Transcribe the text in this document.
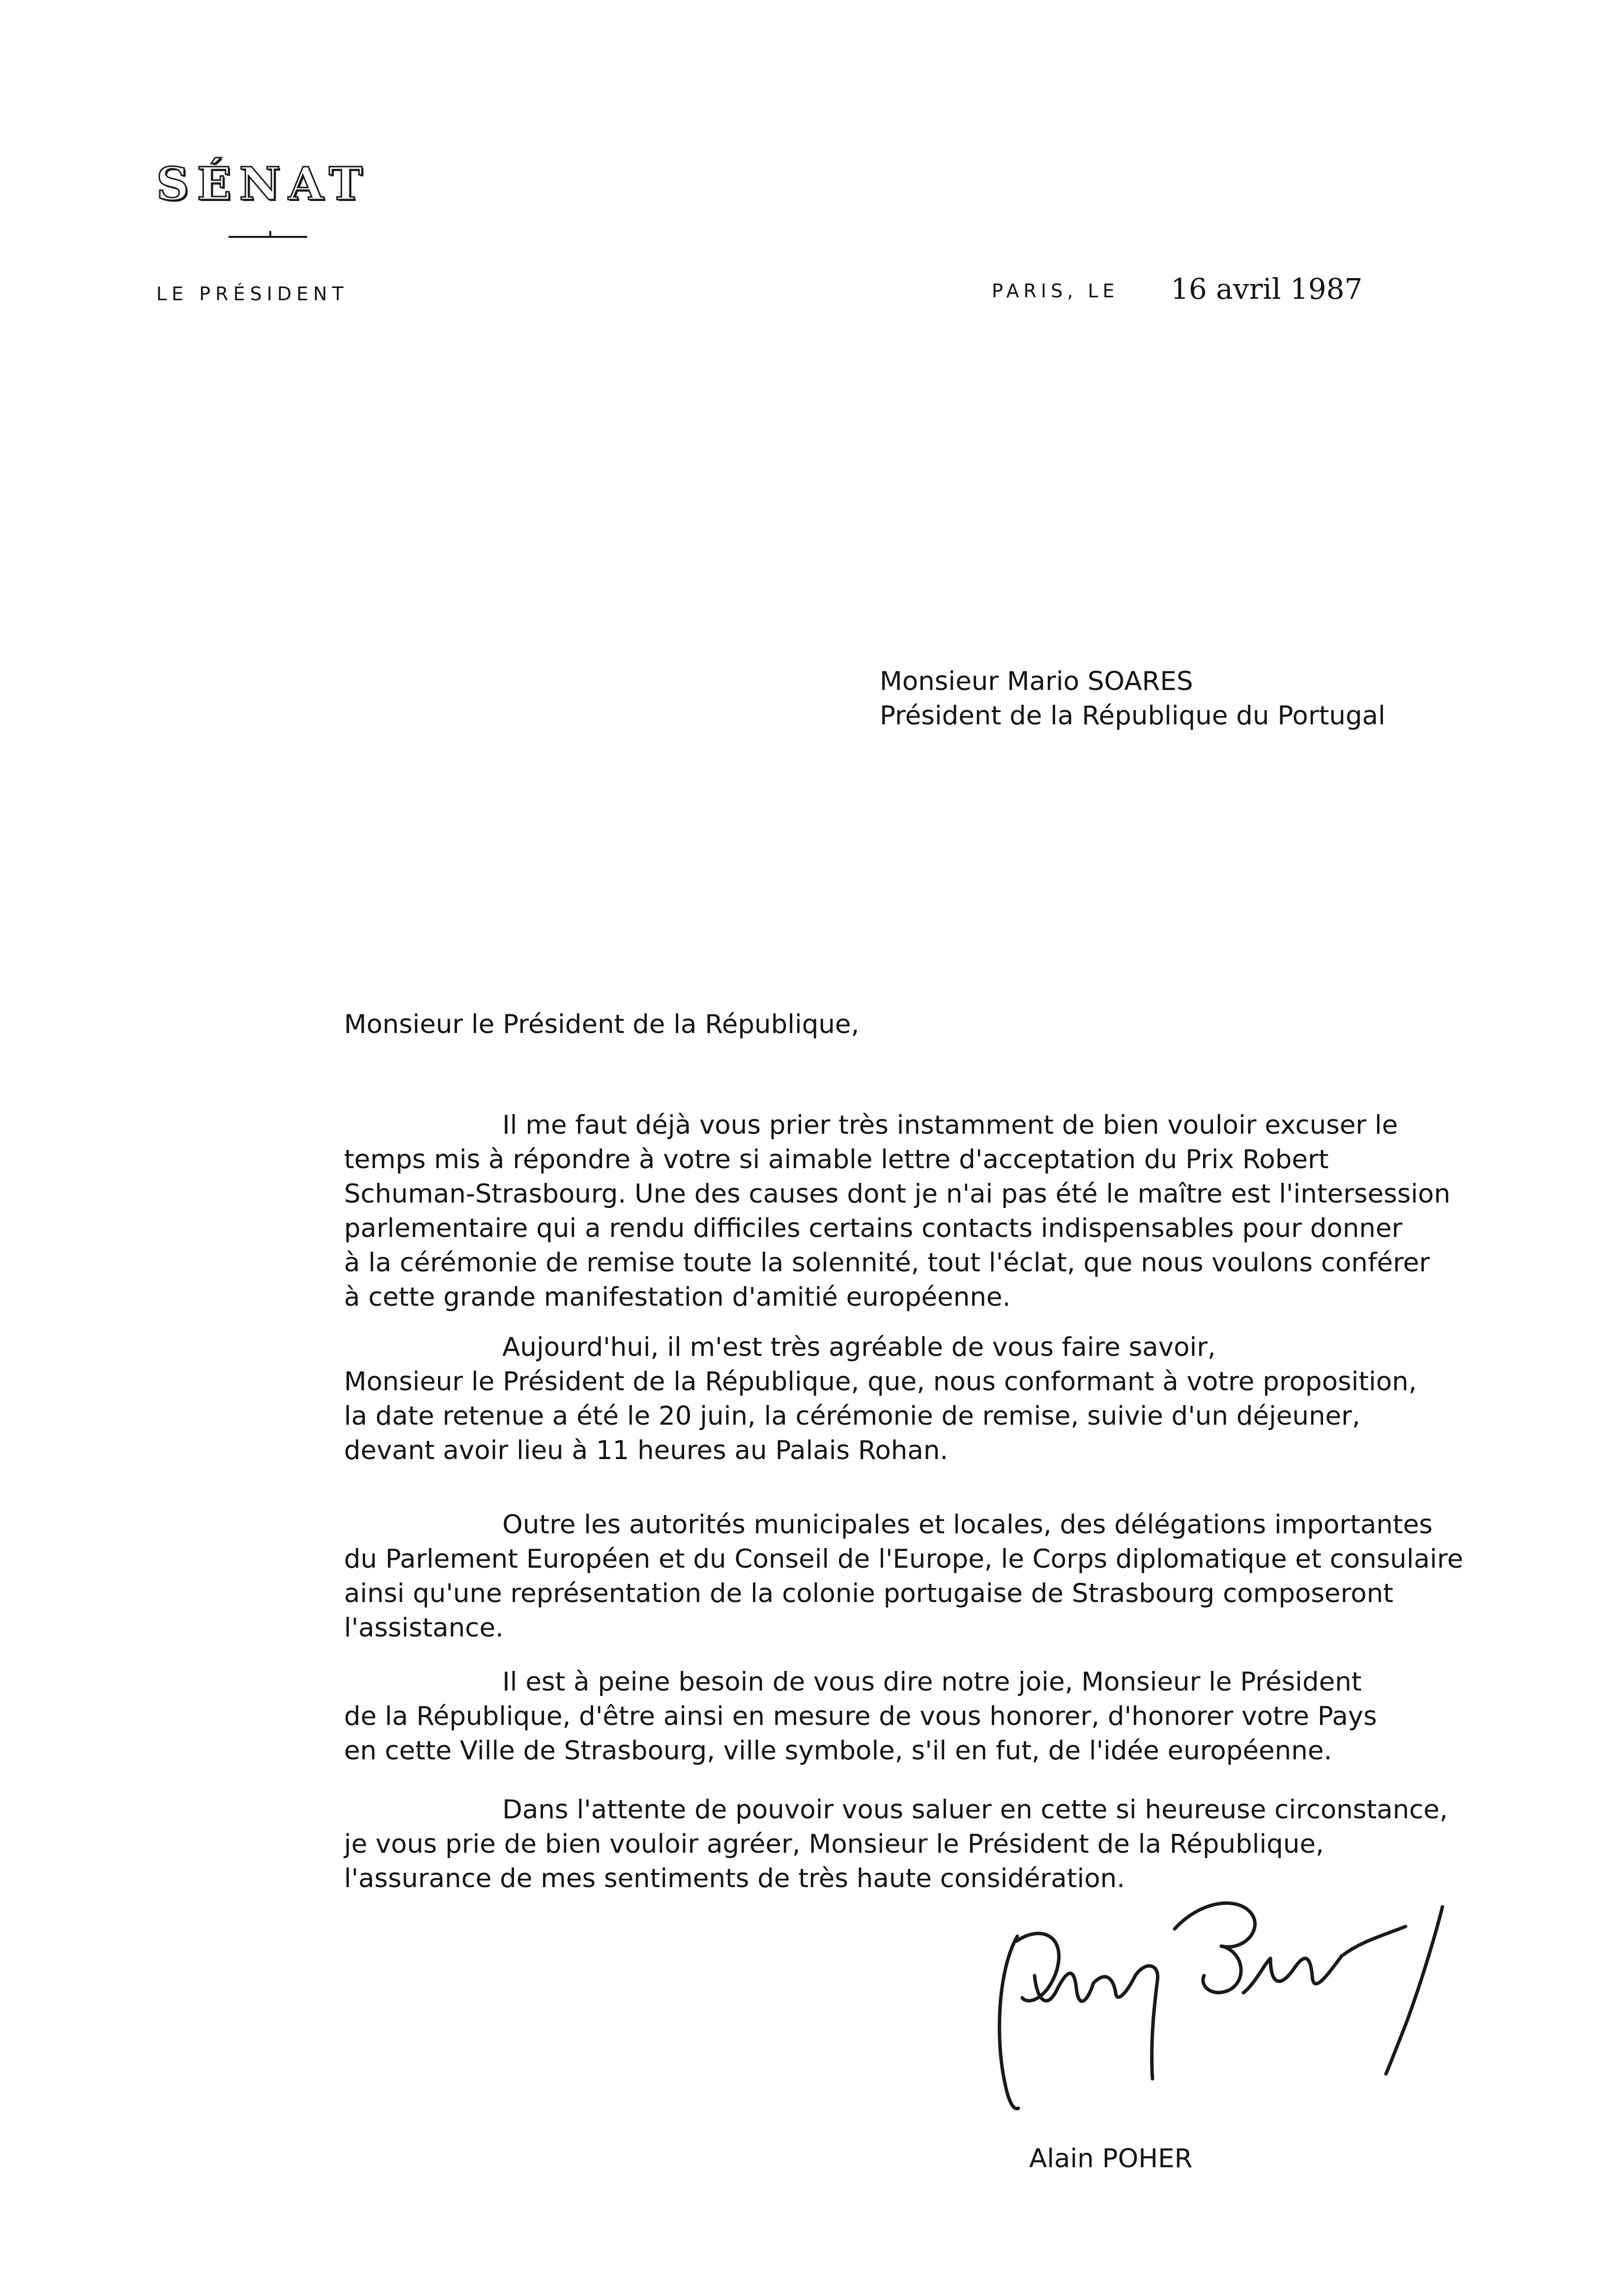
SÉNAT
LE PRÉSIDENT	PARIS, LE 16 avril 1987
Monsieur Mario SOARES
Président de la République du Portugal
Monsieur le Président de la République,
Il me faut déjà vous prier très instamment de bien vouloir excuser le
temps mis à répondre à votre si aimable lettre d'acceptation du Prix Robert
Schuman-Strasbourg. Une des causes dont je n'ai pas été le maître est l'intersession
parlementaire qui a rendu difficiles certains contacts indispensables pour donner
à la cérémonie de remise toute la solennité, tout l'éclat, que nous voulons conférer
à cette grande manifestation d'amitié européenne.
Aujourd'hui, il m'est très agréable de vous faire savoir,
Monsieur le Président de la République, que, nous conformant à votre proposition,
la date retenue a été le 20 juin, la cérémonie de remise, suivie d'un déjeuner,
devant avoir lieu à 11 heures au Palais Rohan.
Outre les autorités municipales et locales, des délégations importantes
du Parlement Européen et du Conseil de l'Europe, le Corps diplomatique et consulaire
ainsi qu'une représentation de la colonie portugaise de Strasbourg composeront
l'assistance.
Il est à peine besoin de vous dire notre joie, Monsieur le Président
de la République, d'être ainsi en mesure de vous honorer, d'honorer votre Pays
en cette Ville de Strasbourg, ville symbole, s'il en fut, de l'idée européenne.
Dans l'attente de pouvoir vous saluer en cette si heureuse circonstance,
je vous prie de bien vouloir agréer, Monsieur le Président de la République,
l'assurance de mes sentiments de très haute considération.
Alain POHER
